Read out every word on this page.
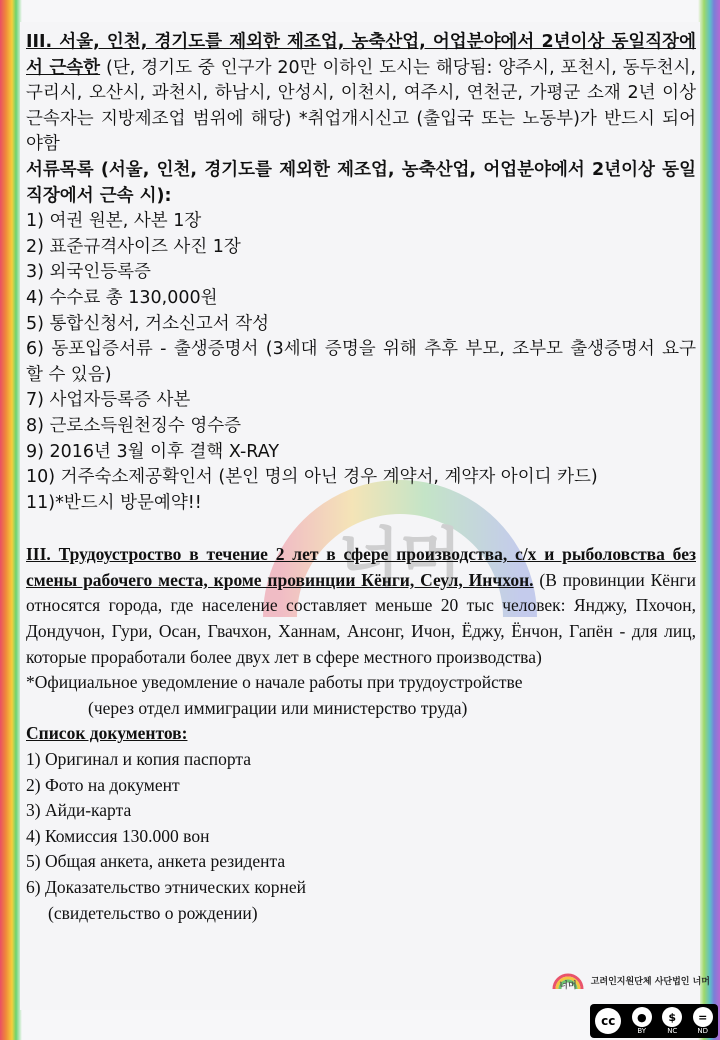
너머

III. 서울, 인천, 경기도를 제외한 제조업, 농축산업, 어업분야에서 2년이상 동일직장에서 근속한 (단, 경기도 중 인구가 20만 이하인 도시는 해당됨: 양주시, 포천시, 동두천시, 구리시, 오산시, 과천시, 하남시, 안성시, 이천시, 여주시, 연천군, 가평군 소재 2년 이상 근속자는 지방제조업 범위에 해당) *취업개시신고 (출입국 또는 노동부)가 반드시 되어야함

서류목록 (서울, 인천, 경기도를 제외한 제조업, 농축산업, 어업분야에서 2년이상 동일직장에서 근속 시):

1) 여권 원본, 사본 1장

2) 표준규격사이즈 사진 1장

3) 외국인등록증

4) 수수료 총 130,000원

5) 통합신청서, 거소신고서 작성

6) 동포입증서류 - 출생증명서 (3세대 증명을 위해 추후 부모, 조부모 출생증명서 요구 할 수 있음)

7) 사업자등록증 사본

8) 근로소득원천징수 영수증

9) 2016년 3월 이후 결핵 X-RAY

10) 거주숙소제공확인서 (본인 명의 아닌 경우 계약서, 계약자 아이디 카드)

11)*반드시 방문예약!!

III. Трудоустроство в течение 2 лет в сфере производства, с/х и рыболовства без смены рабочего места, кроме провинции Кёнги, Сеул, Инчхон. (В провинции Кёнги относятся города, где население составляет меньше 20 тыс человек: Янджу, Пхочон, Дондучон, Гури, Осан, Гвачхон, Ханнам, Ансонг, Ичон, Ёджу, Ёнчон, Гапён - для лиц, которые проработали более двух лет в сфере местного производства)

*Официальное уведомление о начале работы при трудоустройстве

(через отдел иммиграции или министерство труда)

Список документов:

1) Оригинал и копия паспорта

2) Фото на документ

3) Айди-карта

4) Комиссия 130.000 вон

5) Общая анкета, анкета резидента

6) Доказательство этнических корней

(свидетельство о рождении)

너머 고려인지원단체 사단법인 너머
cc	●
BY
$
NC
=
ND
